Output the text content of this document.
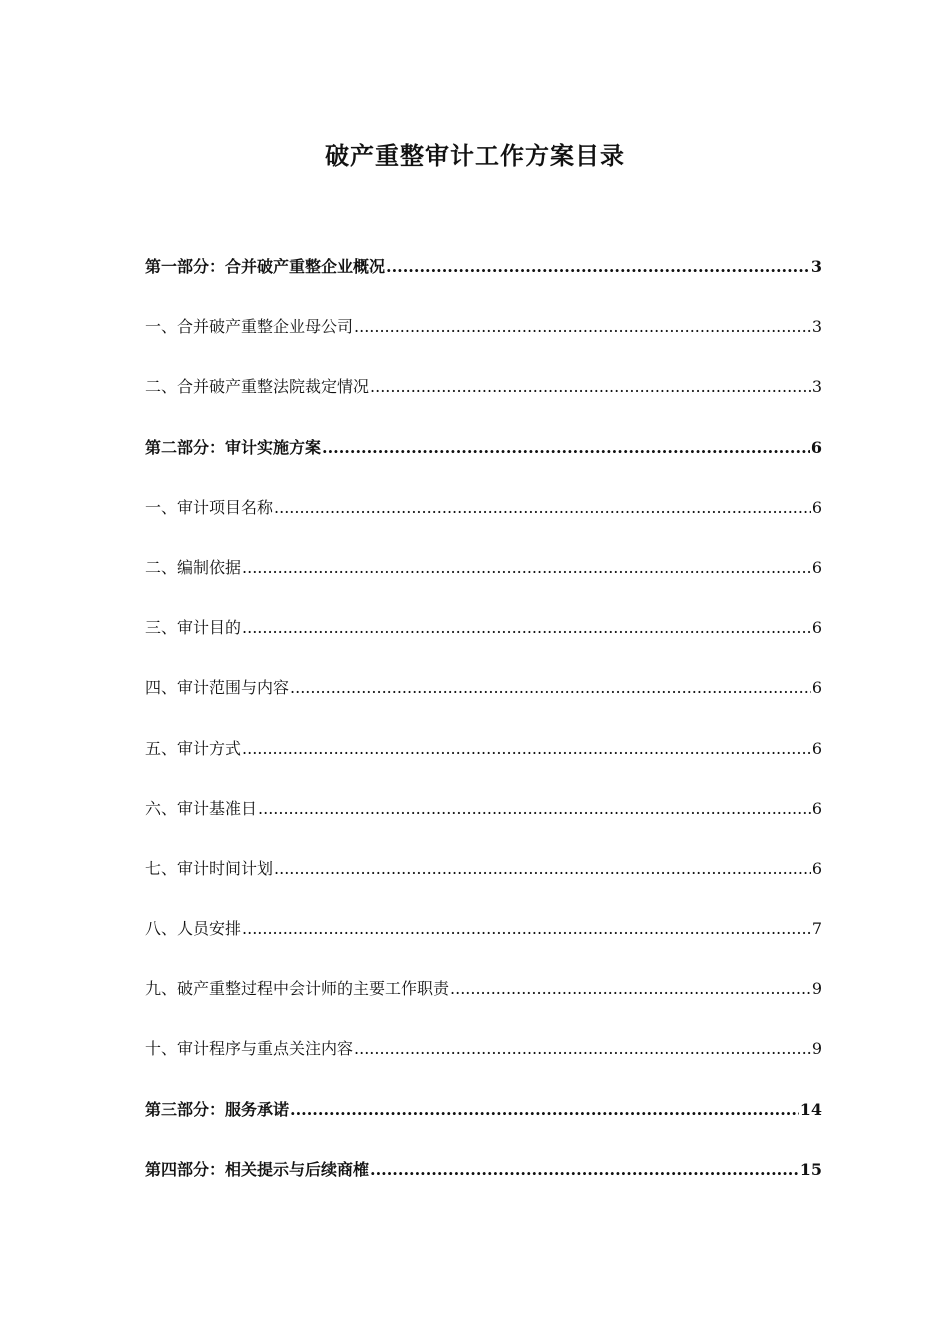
破产重整审计工作方案目录
第一部分：合并破产重整企业概况 .....	3
一、合并破产重整企业母公司 .....	3
二、合并破产重整法院裁定情况 .....	3
第二部分：审计实施方案 .....	6
一、审计项目名称 .....	6
二、编制依据 .....	6
三、审计目的 .....	6
四、审计范围与内容 .....	6
五、审计方式 .....	6
六、审计基准日 .....	6
七、审计时间计划 .....	6
八、人员安排 .....	7
九、破产重整过程中会计师的主要工作职责 .....	9
十、审计程序与重点关注内容 .....	9
第三部分：服务承诺 .....	14
第四部分：相关提示与后续商榷 .....	15
